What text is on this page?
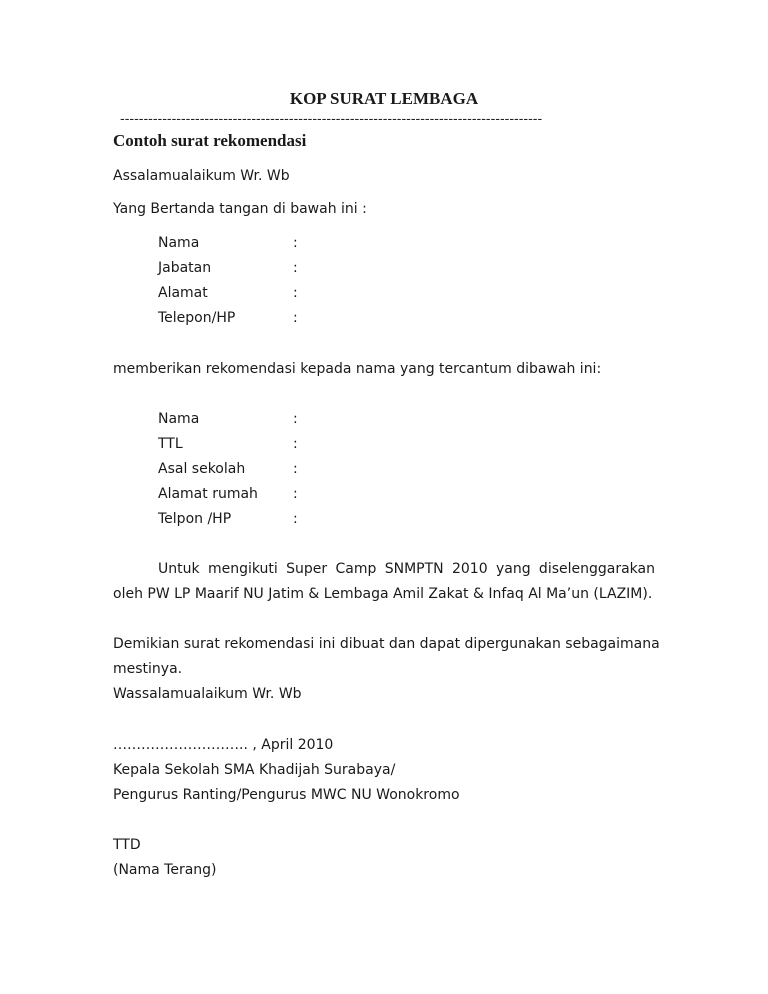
KOP SURAT LEMBAGA
------------------------------------------------------------------------------------------
Contoh surat rekomendasi
Assalamualaikum Wr. Wb
Yang Bertanda tangan di bawah ini :
Nama	:
Jabatan	:
Alamat	:
Telepon/HP	:
memberikan rekomendasi kepada nama yang tercantum dibawah ini:
Nama	:
TTL	:
Asal sekolah	:
Alamat rumah	:
Telpon /HP	:
Untuk mengikuti Super Camp SNMPTN 2010 yang diselenggarakan
oleh PW LP Maarif NU Jatim & Lembaga Amil Zakat & Infaq Al Ma’un (LAZIM).
Demikian surat rekomendasi ini dibuat dan dapat dipergunakan sebagaimana
mestinya.
Wassalamualaikum Wr. Wb
……………………….. , April 2010
Kepala Sekolah SMA Khadijah Surabaya/
Pengurus Ranting/Pengurus MWC NU Wonokromo
TTD
(Nama Terang)
